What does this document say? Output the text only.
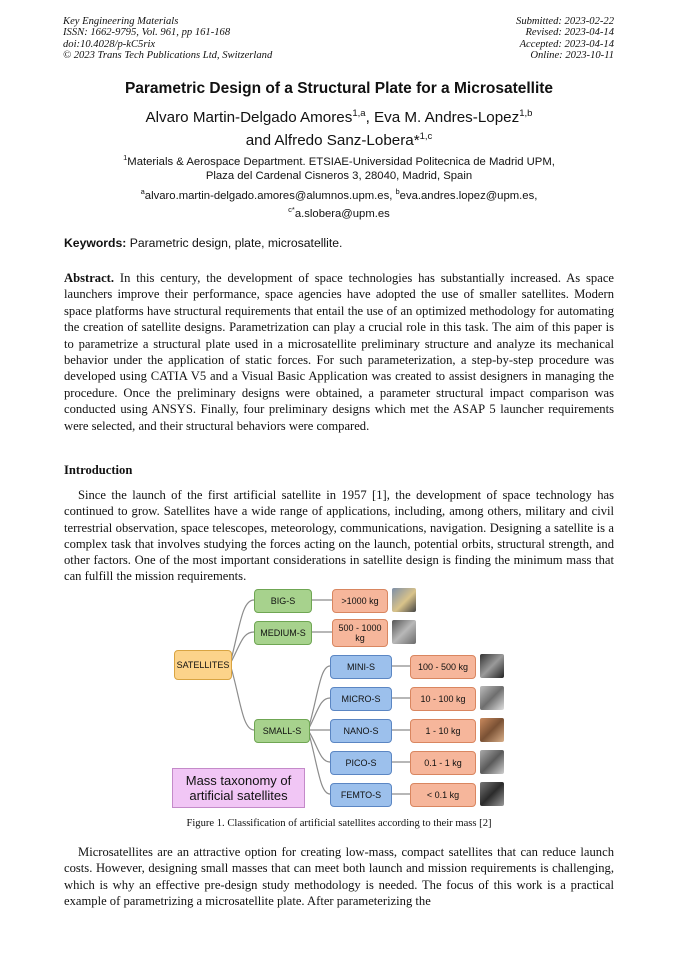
Key Engineering Materials
ISSN: 1662-9795, Vol. 961, pp 161-168
doi:10.4028/p-kC5rix
© 2023 Trans Tech Publications Ltd, Switzerland
Submitted: 2023-02-22
Revised: 2023-04-14
Accepted: 2023-04-14
Online: 2023-10-11
Parametric Design of a Structural Plate for a Microsatellite
Alvaro Martin-Delgado Amores$^{1,a}$, Eva M. Andres-Lopez$^{1,b}$
and Alfredo Sanz-Lobera*$^{1,c}$
$^1$Materials & Aerospace Department. ETSIAE-Universidad Politecnica de Madrid UPM,
Plaza del Cardenal Cisneros 3, 28040, Madrid, Spain
$^a$alvaro.martin-delgado.amores@alumnos.upm.es, $^b$eva.andres.lopez@upm.es,
$^{c*}$a.slobera@upm.es
Keywords: Parametric design, plate, microsatellite.
Abstract. In this century, the development of space technologies has substantially increased. As space launchers improve their performance, space agencies have adopted the use of smaller satellites. Modern space platforms have structural requirements that entail the use of an optimized methodology for automating the creation of satellite designs. Parametrization can play a crucial role in this task. The aim of this paper is to parametrize a structural plate used in a microsatellite preliminary structure and analyze its mechanical behavior under the application of static forces. For such parameterization, a step-by-step procedure was developed using CATIA V5 and a Visual Basic Application was created to assist designers in managing the procedure. Once the preliminary designs were obtained, a parameter structural impact comparison was conducted using ANSYS. Finally, four preliminary designs which met the ASAP 5 launcher requirements were selected, and their structural behaviors were compared.
Introduction
Since the launch of the first artificial satellite in 1957 [1], the development of space technology has continued to grow. Satellites have a wide range of applications, including, among others, military and civil terrestrial observation, space telescopes, meteorology, communications, navigation. Designing a satellite is a complex task that involves studying the forces acting on the launch, potential orbits, structural strength, and other factors. One of the most important considerations in satellite design is finding the minimum mass that can fulfill the mission requirements.
SATELLITES
BIG-S	>1000 kg
MEDIUM-S	500 - 1000 kg
SMALL-S
MINI-S	100 - 500 kg
MICRO-S	10 - 100 kg
NANO-S	1 - 10 kg
PICO-S	0.1 - 1 kg
FEMTO-S	< 0.1 kg
Mass taxonomy of artificial satellites
Figure 1. Classification of artificial satellites according to their mass [2]
Microsatellites are an attractive option for creating low-mass, compact satellites that can reduce launch costs. However, designing small masses that can meet both launch and mission requirements is challenging, which is why an effective pre-design study methodology is needed. The focus of this work is a practical example of parametrizing a microsatellite plate. After parameterizing the
